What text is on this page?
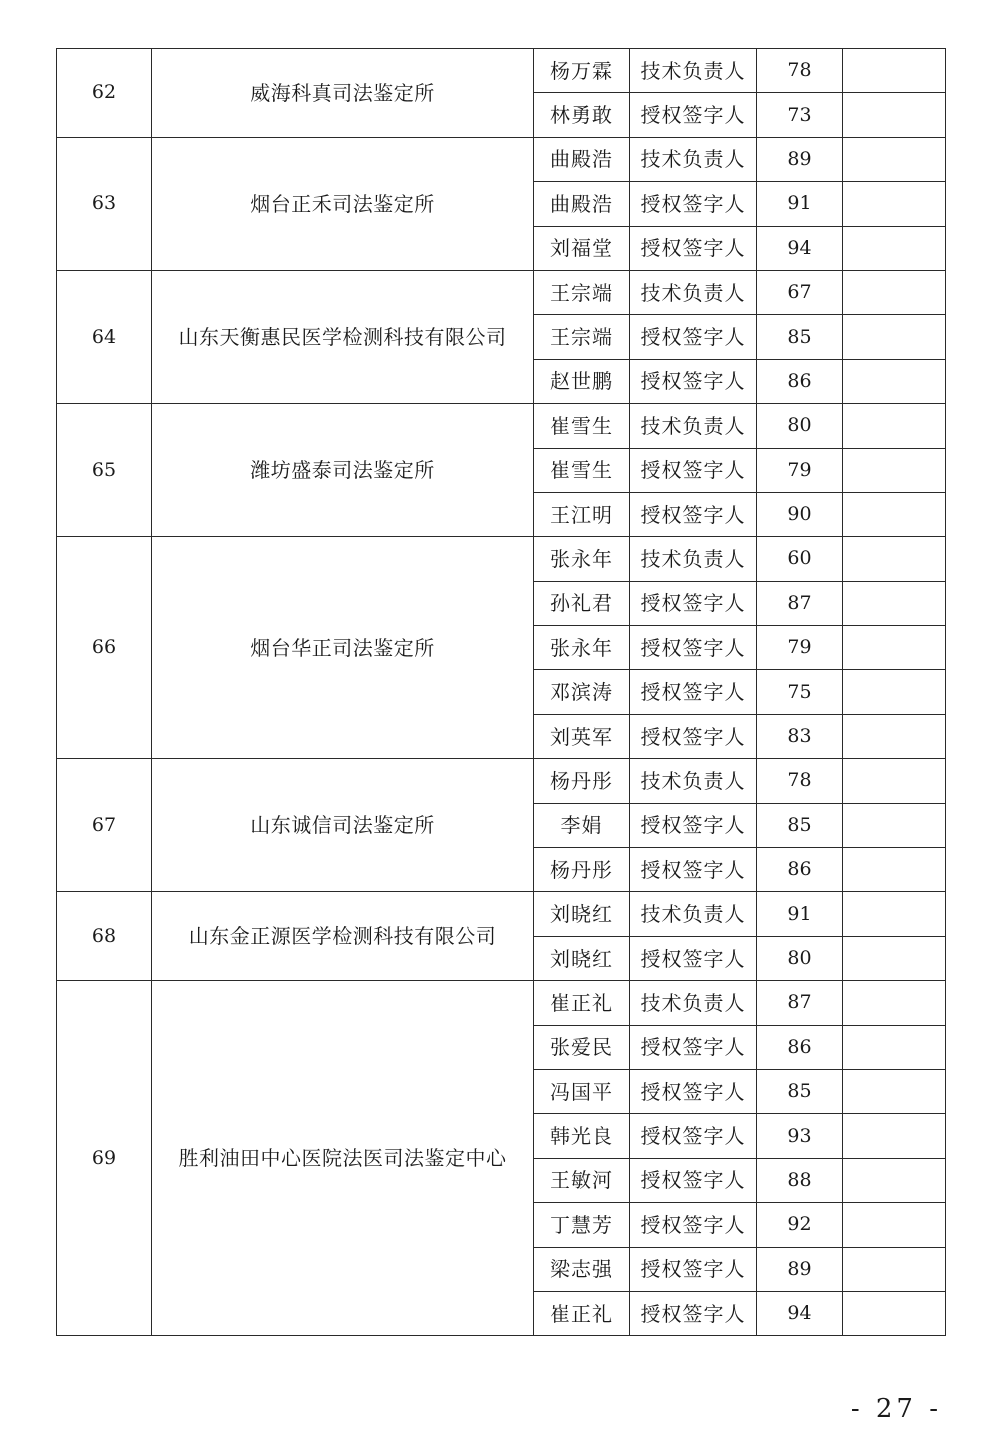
62	威海科真司法鉴定所	杨万霖	技术负责人	78	
		林勇敢	授权签字人	73	
63	烟台正禾司法鉴定所	曲殿浩	技术负责人	89	
		曲殿浩	授权签字人	91	
		刘福堂	授权签字人	94	
64	山东天衡惠民医学检测科技有限公司	王宗端	技术负责人	67	
		王宗端	授权签字人	85	
		赵世鹏	授权签字人	86	
65	潍坊盛泰司法鉴定所	崔雪生	技术负责人	80	
		崔雪生	授权签字人	79	
		王江明	授权签字人	90	
66	烟台华正司法鉴定所	张永年	技术负责人	60	
		孙礼君	授权签字人	87	
		张永年	授权签字人	79	
		邓滨涛	授权签字人	75	
		刘英军	授权签字人	83	
67	山东诚信司法鉴定所	杨丹彤	技术负责人	78	
		李娟	授权签字人	85	
		杨丹彤	授权签字人	86	
68	山东金正源医学检测科技有限公司	刘晓红	技术负责人	91	
		刘晓红	授权签字人	80	
69	胜利油田中心医院法医司法鉴定中心	崔正礼	技术负责人	87	
		张爱民	授权签字人	86	
		冯国平	授权签字人	85	
		韩光良	授权签字人	93	
		王敏河	授权签字人	88	
		丁慧芳	授权签字人	92	
		梁志强	授权签字人	89	
		崔正礼	授权签字人	94	
- 27 -
